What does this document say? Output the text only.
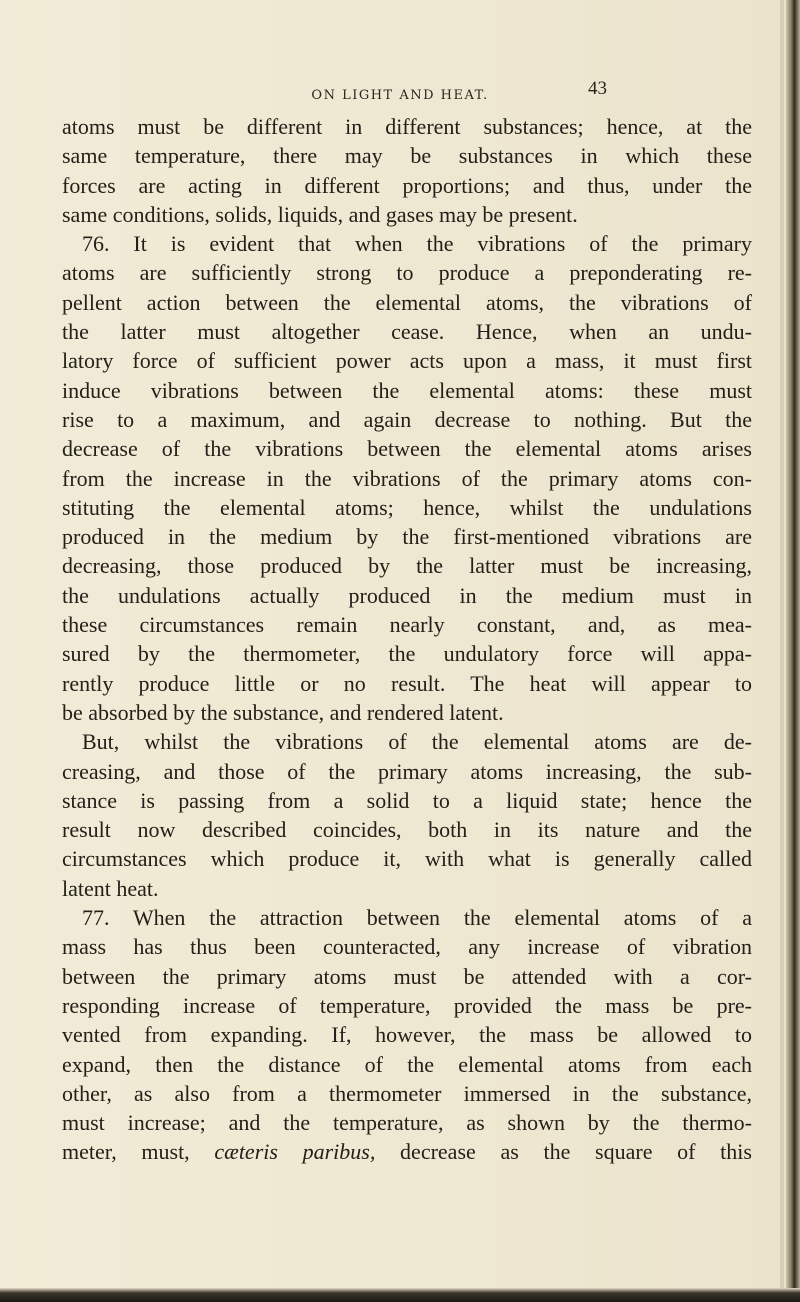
ON LIGHT AND HEAT.	43
atoms must be different in different substances; hence, at the
same temperature, there may be substances in which these
forces are acting in different proportions; and thus, under the
same conditions, solids, liquids, and gases may be present.
76. It is evident that when the vibrations of the primary
atoms are sufficiently strong to produce a preponderating re-
pellent action between the elemental atoms, the vibrations of
the latter must altogether cease. Hence, when an undu-
latory force of sufficient power acts upon a mass, it must first
induce vibrations between the elemental atoms: these must
rise to a maximum, and again decrease to nothing. But the
decrease of the vibrations between the elemental atoms arises
from the increase in the vibrations of the primary atoms con-
stituting the elemental atoms; hence, whilst the undulations
produced in the medium by the first-mentioned vibrations are
decreasing, those produced by the latter must be increasing,
the undulations actually produced in the medium must in
these circumstances remain nearly constant, and, as mea-
sured by the thermometer, the undulatory force will appa-
rently produce little or no result. The heat will appear to
be absorbed by the substance, and rendered latent.
But, whilst the vibrations of the elemental atoms are de-
creasing, and those of the primary atoms increasing, the sub-
stance is passing from a solid to a liquid state; hence the
result now described coincides, both in its nature and the
circumstances which produce it, with what is generally called
latent heat.
77. When the attraction between the elemental atoms of a
mass has thus been counteracted, any increase of vibration
between the primary atoms must be attended with a cor-
responding increase of temperature, provided the mass be pre-
vented from expanding. If, however, the mass be allowed to
expand, then the distance of the elemental atoms from each
other, as also from a thermometer immersed in the substance,
must increase; and the temperature, as shown by the thermo-
meter, must, cæteris paribus, decrease as the square of this
